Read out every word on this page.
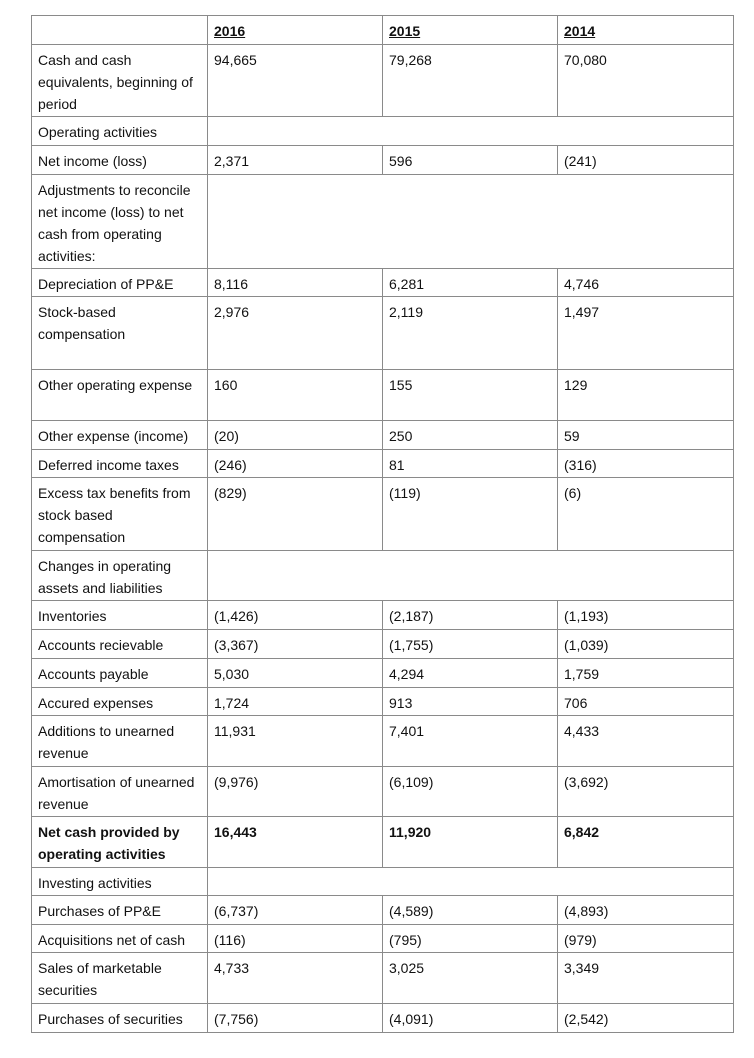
	2016	2015	2014
Cash and cash equivalents, beginning of period	94,665	79,268	70,080
Operating activities			
Net income (loss)	2,371	596	(241)
Adjustments to reconcile net income (loss) to net cash from operating activities:			
Depreciation of PP&E	8,116	6,281	4,746
Stock-based compensation	2,976	2,119	1,497
Other operating expense	160	155	129
Other expense (income)	(20)	250	59
Deferred income taxes	(246)	81	(316)
Excess tax benefits from stock based compensation	(829)	(119)	(6)
Changes in operating assets and liabilities			
Inventories	(1,426)	(2,187)	(1,193)
Accounts recievable	(3,367)	(1,755)	(1,039)
Accounts payable	5,030	4,294	1,759
Accured expenses	1,724	913	706
Additions to unearned revenue	11,931	7,401	4,433
Amortisation of unearned revenue	(9,976)	(6,109)	(3,692)
Net cash provided by operating activities	16,443	11,920	6,842
Investing activities			
Purchases of PP&E	(6,737)	(4,589)	(4,893)
Acquisitions net of cash	(116)	(795)	(979)
Sales of marketable securities	4,733	3,025	3,349
Purchases of securities	(7,756)	(4,091)	(2,542)
